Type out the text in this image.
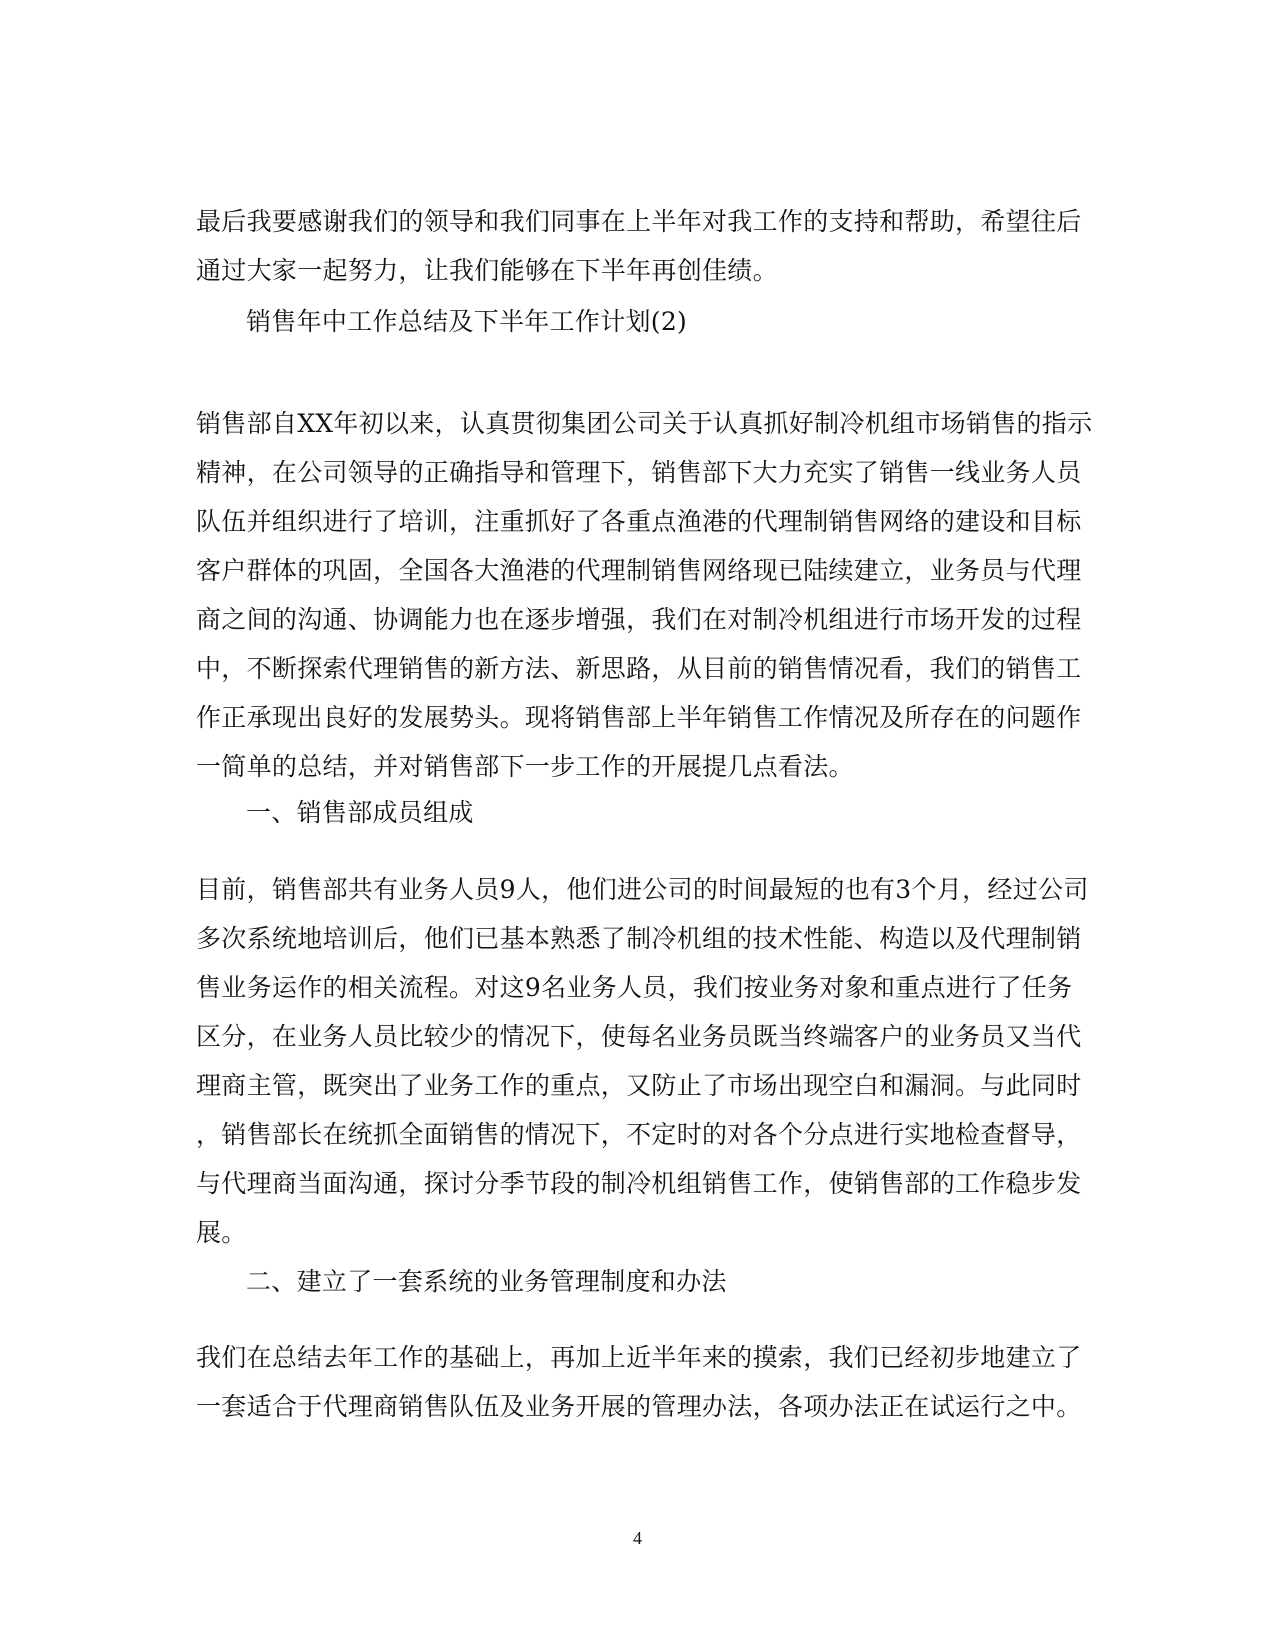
最后我要感谢我们的领导和我们同事在上半年对我工作的支持和帮助，希望往后
通过大家一起努力，让我们能够在下半年再创佳绩。
销售年中工作总结及下半年工作计划(2)
销售部自XX年初以来，认真贯彻集团公司关于认真抓好制冷机组市场销售的指示
精神，在公司领导的正确指导和管理下，销售部下大力充实了销售一线业务人员
队伍并组织进行了培训，注重抓好了各重点渔港的代理制销售网络的建设和目标
客户群体的巩固，全国各大渔港的代理制销售网络现已陆续建立，业务员与代理
商之间的沟通、协调能力也在逐步增强，我们在对制冷机组进行市场开发的过程
中，不断探索代理销售的新方法、新思路，从目前的销售情况看，我们的销售工
作正承现出良好的发展势头。现将销售部上半年销售工作情况及所存在的问题作
一简单的总结，并对销售部下一步工作的开展提几点看法。
一、销售部成员组成
目前，销售部共有业务人员9人，他们进公司的时间最短的也有3个月，经过公司
多次系统地培训后，他们已基本熟悉了制冷机组的技术性能、构造以及代理制销
售业务运作的相关流程。对这9名业务人员，我们按业务对象和重点进行了任务
区分，在业务人员比较少的情况下，使每名业务员既当终端客户的业务员又当代
理商主管，既突出了业务工作的重点，又防止了市场出现空白和漏洞。与此同时
，销售部长在统抓全面销售的情况下，不定时的对各个分点进行实地检查督导，
与代理商当面沟通，探讨分季节段的制冷机组销售工作，使销售部的工作稳步发
展。
二、建立了一套系统的业务管理制度和办法
我们在总结去年工作的基础上，再加上近半年来的摸索，我们已经初步地建立了
一套适合于代理商销售队伍及业务开展的管理办法，各项办法正在试运行之中。
4
